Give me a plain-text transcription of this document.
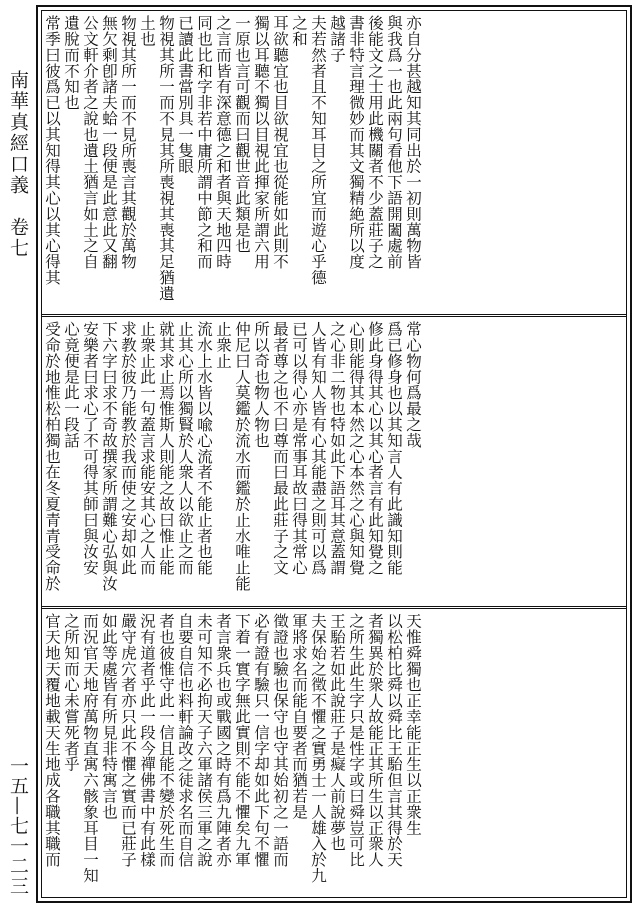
南華真經口義　卷七
一五—七一二三
亦自分甚越知其同出於一初則萬物皆
與我爲一也此兩句看他下語開闔處前
後能文之士用此機關者不少蓋莊子之
書非特言理微妙而其文獨精絶所以度
越諸子
夫若然者且不知耳目之所宜而遊心乎德
之和
耳欲聽宜也目欲視宜也從能如此則不
獨以耳聽不獨以目視此揮家所謂六用
一原也言可觀而曰觀世音此類是也
之言而皆有深意德之和者與天地四時
同也比和字非若中庸所謂中節之和而
已讀此書當別具一隻眼
物視其所一而不見其所喪視其喪其足猶遺
土也
物視其所一而不見所喪言其觀於萬物
無欠剩卽諸夫蛤一段便是此意此又翻
公文軒介者之說也遺土猶言如土之自
遺脫而不知也
常季曰彼爲已以其知得其心以其心得其
常心物何爲最之哉
爲已修身也以其知言人有此識知則能
修此身得其心以其心者言有此知覺之
心則能得其本然之心本然之心與知覺
之心非二物也特如此下語耳其意蓋謂
人皆有知人皆有心其能盡之則可以爲
已可以得心亦是常事耳故曰得其常心
最者尊之也不曰尊而曰最此莊子之文
所以奇也物人物也
仲尼曰人莫鑑於流水而鑑於止水唯止能
止衆止
流水上水皆以喩心流者不能止者也能
止其心所以獨賢於人衆人以欲止之而
就其求止焉惟斯人則能之故曰惟止能
止衆止此一句蓋言求能安其心之人而
求教於彼乃能教於我而使之安却如此
下六字曰求不奇故撰家所謂難心弘與汝
安樂者曰求心了不可得其師曰與汝安
心竟便是此一段話
受命於地惟松柏獨也在冬夏青青受命於
天惟舜獨也正幸能正生以正衆生
以松柏比舜以舜比王駘但言其得於天
者獨異於衆人故能正其所生以正衆人
之所生此生字只是性字或曰舜豈可比
王駘若如此說莊子是癡人前說夢也
夫保始之徵不懼之實勇士一人雄入於九
軍將求名而能自要者而猶若是
徵證也驗也保守也守其始初之一語而
必有證有驗只一信字却如此下句不懼
下着一實字無此實則不能不懼矣九軍
者言衆兵也或戰國之時有爲九陣者亦
未可知不必拘天子六軍諸侯三軍之說
自要自信也料軒論改之徒求名而自信
者也彼惟守此一信且能不變於死生而
況有道者乎此一段今禪佛書中有此樣
嚴守虎穴者亦只此不懼之實而已莊子
如此等處皆有所見非特寓言也
而況官天地府萬物直寓六骸象耳目一知
之所知而心未嘗死者乎
官天地天覆地載天生地成各職其職而
